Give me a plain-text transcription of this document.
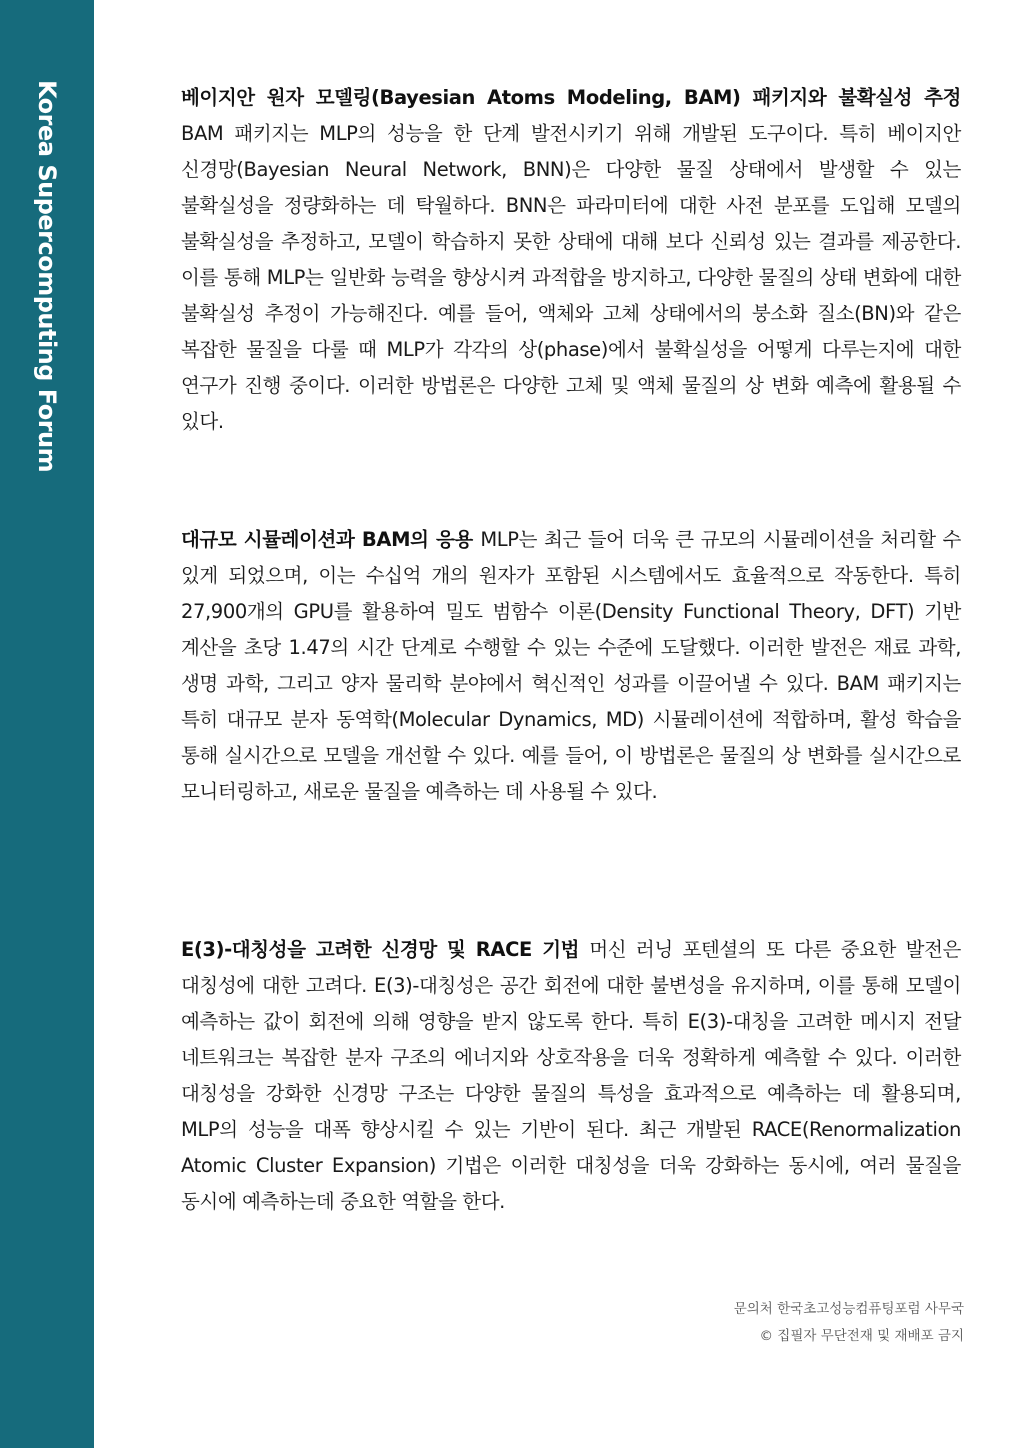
Korea Supercomputing Forum	베이지안 원자 모델링(Bayesian Atoms Modeling, BAM) 패키지와 불확실성 추정 BAM 패키지는 MLP의 성능을 한 단계 발전시키기 위해 개발된 도구이다. 특히 베이지안 신경망(Bayesian Neural Network, BNN)은 다양한 물질 상태에서 발생할 수 있는 불확실성을 정량화하는 데 탁월하다. BNN은 파라미터에 대한 사전 분포를 도입해 모델의 불확실성을 추정하고, 모델이 학습하지 못한 상태에 대해 보다 신뢰성 있는 결과를 제공한다. 이를 통해 MLP는 일반화 능력을 향상시켜 과적합을 방지하고, 다양한 물질의 상태 변화에 대한 불확실성 추정이 가능해진다. 예를 들어, 액체와 고체 상태에서의 붕소화 질소(BN)와 같은 복잡한 물질을 다룰 때 MLP가 각각의 상(phase)에서 불확실성을 어떻게 다루는지에 대한 연구가 진행 중이다. 이러한 방법론은 다양한 고체 및 액체 물질의 상 변화 예측에 활용될 수 있다.

대규모 시뮬레이션과 BAM의 응용 MLP는 최근 들어 더욱 큰 규모의 시뮬레이션을 처리할 수 있게 되었으며, 이는 수십억 개의 원자가 포함된 시스템에서도 효율적으로 작동한다. 특히 27,900개의 GPU를 활용하여 밀도 범함수 이론(Density Functional Theory, DFT) 기반 계산을 초당 1.47의 시간 단계로 수행할 수 있는 수준에 도달했다. 이러한 발전은 재료 과학, 생명 과학, 그리고 양자 물리학 분야에서 혁신적인 성과를 이끌어낼 수 있다. BAM 패키지는 특히 대규모 분자 동역학(Molecular Dynamics, MD) 시뮬레이션에 적합하며, 활성 학습을 통해 실시간으로 모델을 개선할 수 있다. 예를 들어, 이 방법론은 물질의 상 변화를 실시간으로 모니터링하고, 새로운 물질을 예측하는 데 사용될 수 있다.

E(3)-대칭성을 고려한 신경망 및 RACE 기법 머신 러닝 포텐셜의 또 다른 중요한 발전은 대칭성에 대한 고려다. E(3)-대칭성은 공간 회전에 대한 불변성을 유지하며, 이를 통해 모델이 예측하는 값이 회전에 의해 영향을 받지 않도록 한다. 특히 E(3)-대칭을 고려한 메시지 전달 네트워크는 복잡한 분자 구조의 에너지와 상호작용을 더욱 정확하게 예측할 수 있다. 이러한 대칭성을 강화한 신경망 구조는 다양한 물질의 특성을 효과적으로 예측하는 데 활용되며, MLP의 성능을 대폭 향상시킬 수 있는 기반이 된다. 최근 개발된 RACE(Renormalization Atomic Cluster Expansion) 기법은 이러한 대칭성을 더욱 강화하는 동시에, 여러 물질을 동시에 예측하는데 중요한 역할을 한다.

문의처 한국초고성능컴퓨팅포럼 사무국
© 집필자 무단전재 및 재배포 금지
